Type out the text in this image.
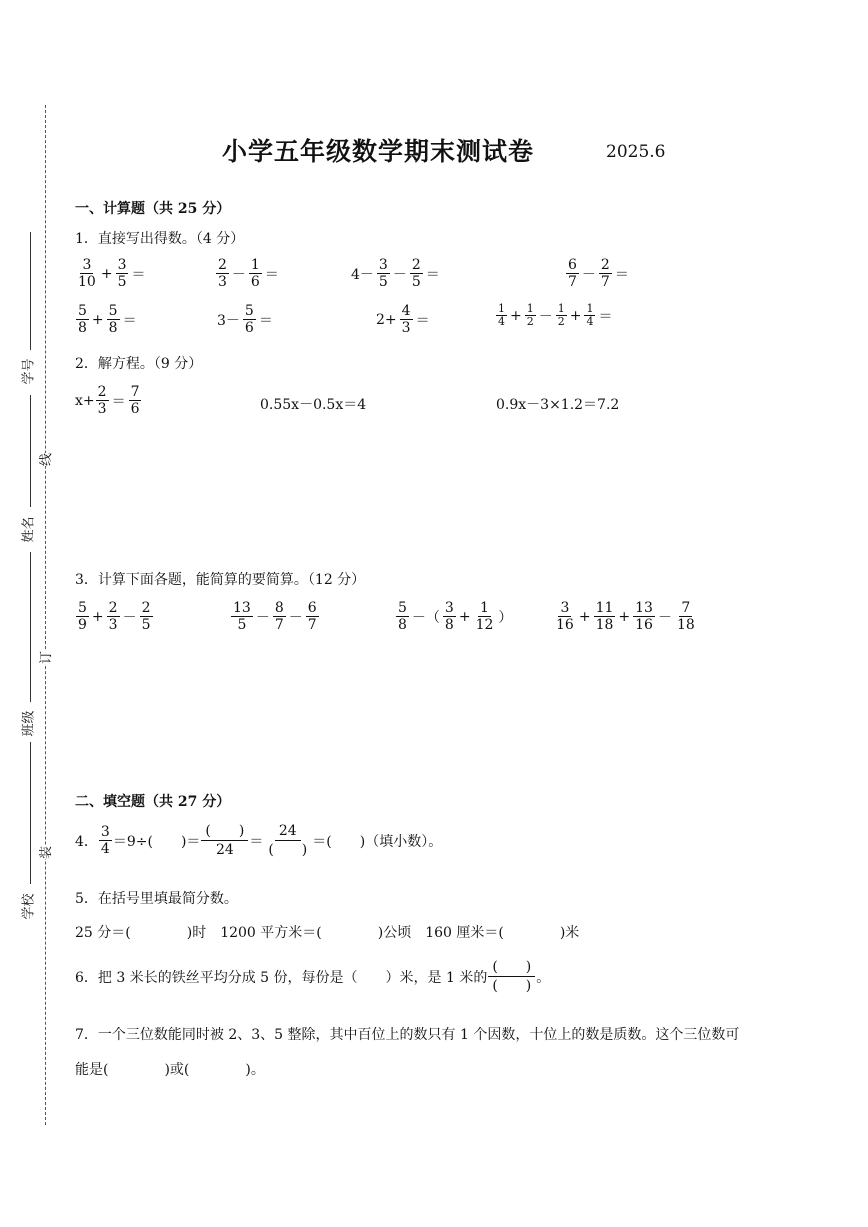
学号
姓名
班级
学校
线
订
装
小学五年级数学期末测试卷	2025.6
一、计算题（共 25 分）
1．直接写出得数。（4 分）
$\frac{3}{10} + \frac{3}{5}$ ＝	$\frac{2}{3} - \frac{1}{6}$ ＝	$4- \frac{3}{5} - \frac{2}{5}$ ＝	$\frac{6}{7} - \frac{2}{7}$ ＝
$\frac{5}{8} + \frac{5}{8}$ ＝	$3- \frac{5}{6}$ ＝	$2+ \frac{4}{3}$ ＝	$\frac{1}{4} + \frac{1}{2} - \frac{1}{2} + \frac{1}{4}$ ＝
2．解方程。（9 分）
$x+ \frac{2}{3} = \frac{7}{6}$	0.55x－0.5x＝4	0.9x－3×1.2＝7.2
3．计算下面各题，能简算的要简算。（12 分）
$\frac{5}{9} + \frac{2}{3} - \frac{2}{5}$	$\frac{13}{5} - \frac{8}{7} - \frac{6}{7}$	$\frac{5}{8}$ －（ $\frac{3}{8} + \frac{1}{12}$ ）	$\frac{3}{16} + \frac{11}{18} + \frac{13}{16} - \frac{7}{18}$
二、填空题（共 27 分）
4． $\frac{3}{4} =9\div$(　　)＝ $\frac{( )}{24} = \frac{24}{( )}$ ＝(　　)（填小数）。
5．在括号里填最简分数。
25 分＝(　　　　)时　1200 平方米＝(　　　　)公顷　160 厘米＝(　　　　)米
6．把 3 米长的铁丝平均分成 5 份，每份是（　　）米，是 1 米的 $\frac{( )}{( )}$ 。
7．一个三位数能同时被 2、3、5 整除，其中百位上的数只有 1 个因数，十位上的数是质数。这个三位数可
能是(　　　　)或(　　　　)。
